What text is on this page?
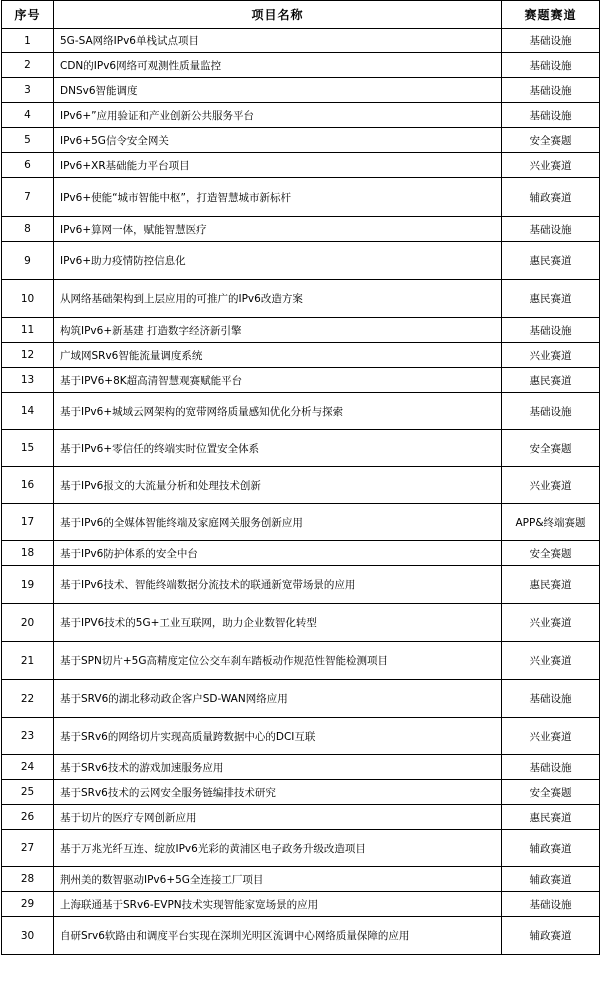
序号	项目名称	赛题赛道
1	5G-SA网络IPv6单栈试点项目	基础设施
2	CDN的IPv6网络可观测性质量监控	基础设施
3	DNSv6智能调度	基础设施
4	IPv6+”应用验证和产业创新公共服务平台	基础设施
5	IPv6+5G信令安全网关	安全赛题
6	IPv6+XR基础能力平台项目	兴业赛道
7	IPv6+使能“城市智能中枢”，打造智慧城市新标杆	辅政赛道
8	IPv6+算网一体，赋能智慧医疗	基础设施
9	IPv6+助力疫情防控信息化	惠民赛道
10	从网络基础架构到上层应用的可推广的IPv6改造方案	惠民赛道
11	构筑IPv6+新基建 打造数字经济新引擎	基础设施
12	广域网SRv6智能流量调度系统	兴业赛道
13	基于IPV6+8K超高清智慧观赛赋能平台	惠民赛道
14	基于IPv6+城域云网架构的宽带网络质量感知优化分析与探索	基础设施
15	基于IPv6+零信任的终端实时位置安全体系	安全赛题
16	基于IPv6报文的大流量分析和处理技术创新	兴业赛道
17	基于IPv6的全媒体智能终端及家庭网关服务创新应用	APP&终端赛题
18	基于IPv6防护体系的安全中台	安全赛题
19	基于IPv6技术、智能终端数据分流技术的联通新宽带场景的应用	惠民赛道
20	基于IPV6技术的5G+工业互联网，助力企业数智化转型	兴业赛道
21	基于SPN切片+5G高精度定位公交车刹车踏板动作规范性智能检测项目	兴业赛道
22	基于SRV6的湖北移动政企客户SD-WAN网络应用	基础设施
23	基于SRv6的网络切片实现高质量跨数据中心的DCI互联	兴业赛道
24	基于SRv6技术的游戏加速服务应用	基础设施
25	基于SRv6技术的云网安全服务链编排技术研究	安全赛题
26	基于切片的医疗专网创新应用	惠民赛道
27	基于万兆光纤互连、绽放IPv6光彩的黄浦区电子政务升级改造项目	辅政赛道
28	荆州美的数智驱动IPv6+5G全连接工厂项目	辅政赛道
29	上海联通基于SRv6-EVPN技术实现智能家宽场景的应用	基础设施
30	自研Srv6软路由和调度平台实现在深圳光明区流调中心网络质量保障的应用	辅政赛道
